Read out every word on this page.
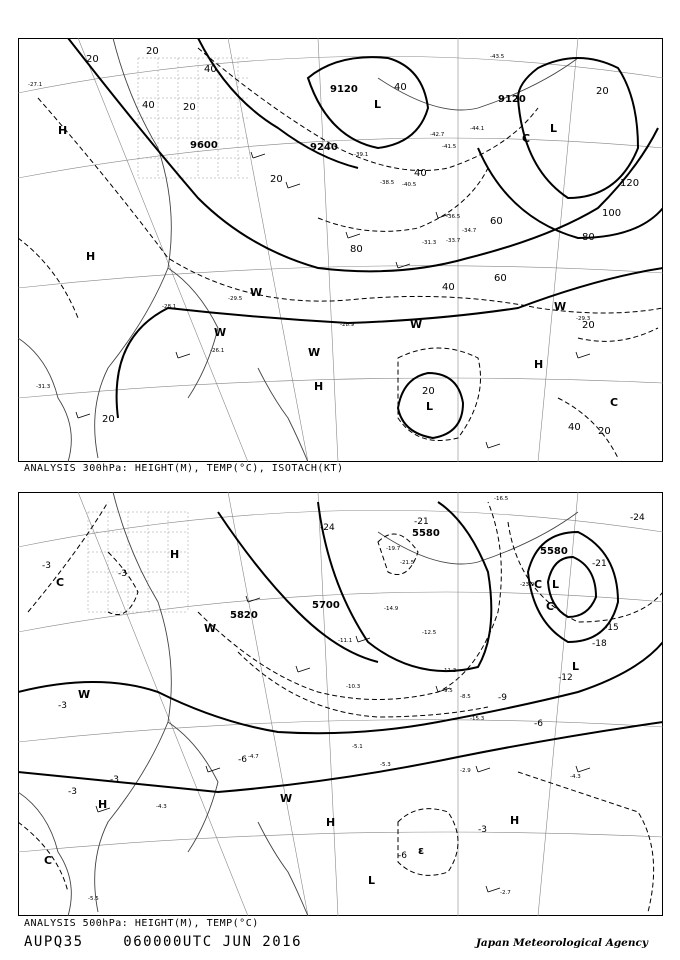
9120
9120
9600	9240
20
40
40	20
20
40
40
60
80
100
120
40
60
80
20
20
20
40 20
20
20
-42.7
-41.5
-44.1
-43.5
-40.5
-39.1
-38.5
-31.3
-29.5
-28.1
-28.9
-26.1
-27.1
-31.3
-29.3
-34.7
-36.5
-33.7
H
H
H
H
L
L
L
W
W
W
W
W
C
C
ANALYSIS 300hPa: HEIGHT(M), TEMP(°C), ISOTACH(KT)
5580
5580
5820
5700
-24
-21	-24
-21
-18
-15
-12
-9
-6
-3
-3
-3
-6
-3
-3
-6
-3
-16.5
-19.7
-21.5
-23.9
-14.9
-12.5
-11.3
-9.5
-8.5
-5.1
-5.3
-4.3
-2.9
-4.3
-2.7
-5.5
-15.3
-4.7
-11.1
-10.3
H
H
H	H
L
L
L
C
C
C
C
W
W
W
ε
ANALYSIS 500hPa: HEIGHT(M), TEMP(°C)
AUPQ35	060000UTC JUN 2016	Japan Meteorological Agency
